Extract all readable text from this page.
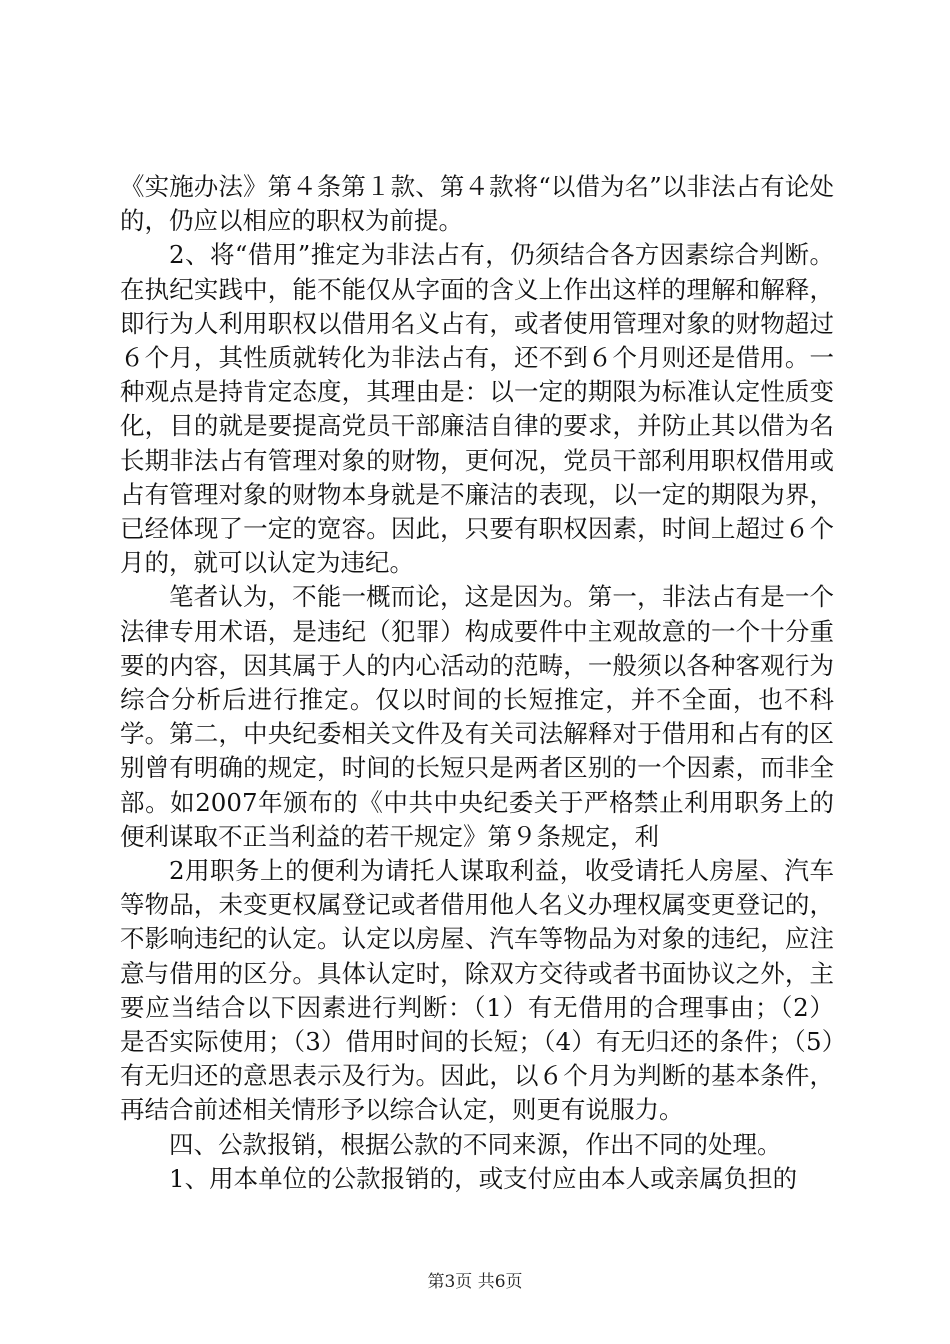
《实施办法》第４条第１款、第４款将“以借为名”以非法占有论处的，仍应以相应的职权为前提。

2、将“借用”推定为非法占有，仍须结合各方因素综合判断。在执纪实践中，能不能仅从字面的含义上作出这样的理解和解释，即行为人利用职权以借用名义占有，或者使用管理对象的财物超过６个月，其性质就转化为非法占有，还不到６个月则还是借用。一种观点是持肯定态度，其理由是：以一定的期限为标准认定性质变化，目的就是要提高党员干部廉洁自律的要求，并防止其以借为名长期非法占有管理对象的财物，更何况，党员干部利用职权借用或占有管理对象的财物本身就是不廉洁的表现，以一定的期限为界，已经体现了一定的宽容。因此，只要有职权因素，时间上超过６个月的，就可以认定为违纪。

笔者认为，不能一概而论，这是因为。第一，非法占有是一个法律专用术语，是违纪（犯罪）构成要件中主观故意的一个十分重要的内容，因其属于人的内心活动的范畴，一般须以各种客观行为综合分析后进行推定。仅以时间的长短推定，并不全面，也不科学。第二，中央纪委相关文件及有关司法解释对于借用和占有的区别曾有明确的规定，时间的长短只是两者区别的一个因素，而非全部。如2007年颁布的《中共中央纪委关于严格禁止利用职务上的便利谋取不正当利益的若干规定》第９条规定，利

2用职务上的便利为请托人谋取利益，收受请托人房屋、汽车等物品，未变更权属登记或者借用他人名义办理权属变更登记的，不影响违纪的认定。认定以房屋、汽车等物品为对象的违纪，应注意与借用的区分。具体认定时，除双方交待或者书面协议之外，主要应当结合以下因素进行判断：（1）有无借用的合理事由；（2）是否实际使用；（3）借用时间的长短；（4）有无归还的条件；（5）有无归还的意思表示及行为。因此，以６个月为判断的基本条件，再结合前述相关情形予以综合认定，则更有说服力。

四、公款报销，根据公款的不同来源，作出不同的处理。

1、用本单位的公款报销的，或支付应由本人或亲属负担的

第3页 共6页
